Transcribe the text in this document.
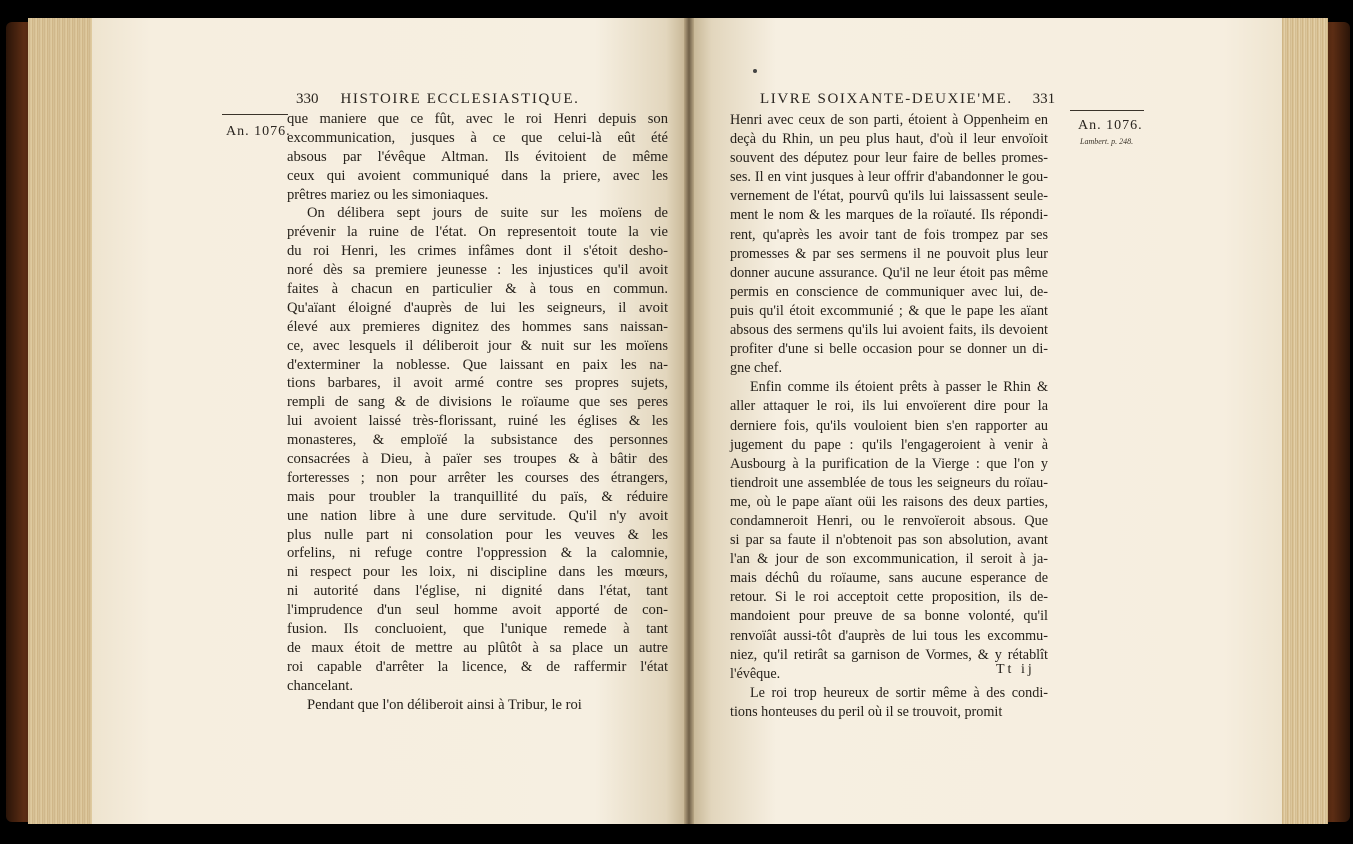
330 HISTOIRE ECCLESIASTIQUE.
An. 1076.
LIVRE SOIXANTE-DEUXIE'ME. 331
An. 1076.
Lambert. p. 248.
que maniere que ce fût, avec le roi Henri depuis son
excommunication, jusques à ce que celui-là eût été
absous par l'évêque Altman. Ils évitoient de même
ceux qui avoient communiqué dans la priere, avec les
prêtres mariez ou les simoniaques.
On délibera sept jours de suite sur les moïens de
prévenir la ruine de l'état. On representoit toute la vie
du roi Henri, les crimes infâmes dont il s'étoit desho-
noré dès sa premiere jeunesse : les injustices qu'il avoit
faites à chacun en particulier & à tous en commun.
Qu'aïant éloigné d'auprès de lui les seigneurs, il avoit
élevé aux premieres dignitez des hommes sans naissan-
ce, avec lesquels il déliberoit jour & nuit sur les moïens
d'exterminer la noblesse. Que laissant en paix les na-
tions barbares, il avoit armé contre ses propres sujets,
rempli de sang & de divisions le roïaume que ses peres
lui avoient laissé très-florissant, ruiné les églises & les
monasteres, & emploïé la subsistance des personnes
consacrées à Dieu, à païer ses troupes & à bâtir des
forteresses ; non pour arrêter les courses des étrangers,
mais pour troubler la tranquillité du païs, & réduire
une nation libre à une dure servitude. Qu'il n'y avoit
plus nulle part ni consolation pour les veuves & les
orfelins, ni refuge contre l'oppression & la calomnie,
ni respect pour les loix, ni discipline dans les mœurs,
ni autorité dans l'église, ni dignité dans l'état, tant
l'imprudence d'un seul homme avoit apporté de con-
fusion. Ils concluoient, que l'unique remede à tant
de maux étoit de mettre au plûtôt à sa place un autre
roi capable d'arrêter la licence, & de raffermir l'état
chancelant.
Pendant que l'on déliberoit ainsi à Tribur, le roi
Henri avec ceux de son parti, étoient à Oppenheim en
deçà du Rhin, un peu plus haut, d'où il leur envoïoit
souvent des députez pour leur faire de belles promes-
ses. Il en vint jusques à leur offrir d'abandonner le gou-
vernement de l'état, pourvû qu'ils lui laissassent seule-
ment le nom & les marques de la roïauté. Ils répondi-
rent, qu'après les avoir tant de fois trompez par ses
promesses & par ses sermens il ne pouvoit plus leur
donner aucune assurance. Qu'il ne leur étoit pas même
permis en conscience de communiquer avec lui, de-
puis qu'il étoit excommunié ; & que le pape les aïant
absous des sermens qu'ils lui avoient faits, ils devoient
profiter d'une si belle occasion pour se donner un di-
gne chef.
Enfin comme ils étoient prêts à passer le Rhin &
aller attaquer le roi, ils lui envoïerent dire pour la
derniere fois, qu'ils vouloient bien s'en rapporter au
jugement du pape : qu'ils l'engageroient à venir à
Ausbourg à la purification de la Vierge : que l'on y
tiendroit une assemblée de tous les seigneurs du roïau-
me, où le pape aïant oüi les raisons des deux parties,
condamneroit Henri, ou le renvoïeroit absous. Que
si par sa faute il n'obtenoit pas son absolution, avant
l'an & jour de son excommunication, il seroit à ja-
mais déchû du roïaume, sans aucune esperance de
retour. Si le roi acceptoit cette proposition, ils de-
mandoient pour preuve de sa bonne volonté, qu'il
renvoïât aussi-tôt d'auprès de lui tous les excommu-
niez, qu'il retirât sa garnison de Vormes, & y rétablît
l'évêque.
Le roi trop heureux de sortir même à des condi-
tions honteuses du peril où il se trouvoit, promit
Tt ij
